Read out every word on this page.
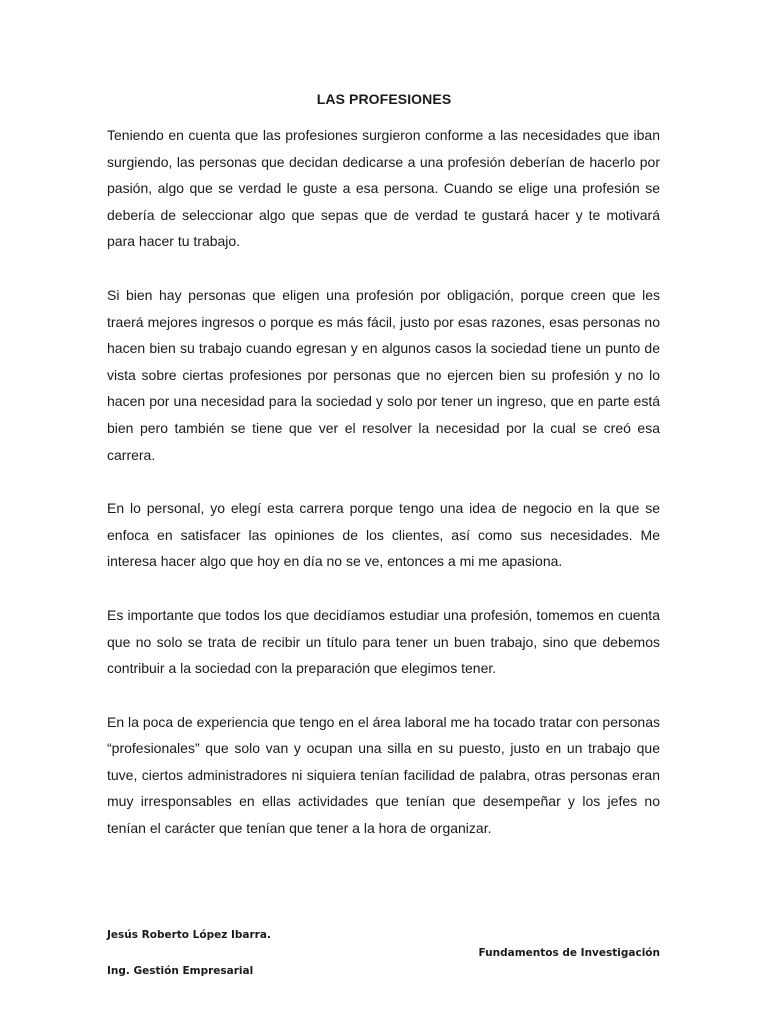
LAS PROFESIONES

Teniendo en cuenta que las profesiones surgieron conforme a las necesidades que iban surgiendo, las personas que decidan dedicarse a una profesión deberían de hacerlo por pasión, algo que se verdad le guste a esa persona. Cuando se elige una profesión se debería de seleccionar algo que sepas que de verdad te gustará hacer y te motivará para hacer tu trabajo.

Si bien hay personas que eligen una profesión por obligación, porque creen que les traerá mejores ingresos o porque es más fácil, justo por esas razones, esas personas no hacen bien su trabajo cuando egresan y en algunos casos la sociedad tiene un punto de vista sobre ciertas profesiones por personas que no ejercen bien su profesión y no lo hacen por una necesidad para la sociedad y solo por tener un ingreso, que en parte está bien pero también se tiene que ver el resolver la necesidad por la cual se creó esa carrera.

En lo personal, yo elegí esta carrera porque tengo una idea de negocio en la que se enfoca en satisfacer las opiniones de los clientes, así como sus necesidades. Me interesa hacer algo que hoy en día no se ve, entonces a mi me apasiona.

Es importante que todos los que decidíamos estudiar una profesión, tomemos en cuenta que no solo se trata de recibir un título para tener un buen trabajo, sino que debemos contribuir a la sociedad con la preparación que elegimos tener.

En la poca de experiencia que tengo en el área laboral me ha tocado tratar con personas “profesionales” que solo van y ocupan una silla en su puesto, justo en un trabajo que tuve, ciertos administradores ni siquiera tenían facilidad de palabra, otras personas eran muy irresponsables en ellas actividades que tenían que desempeñar y los jefes no tenían el carácter que tenían que tener a la hora de organizar.

Jesús Roberto López Ibarra.
Ing. Gestión Empresarial
Fundamentos de Investigación
